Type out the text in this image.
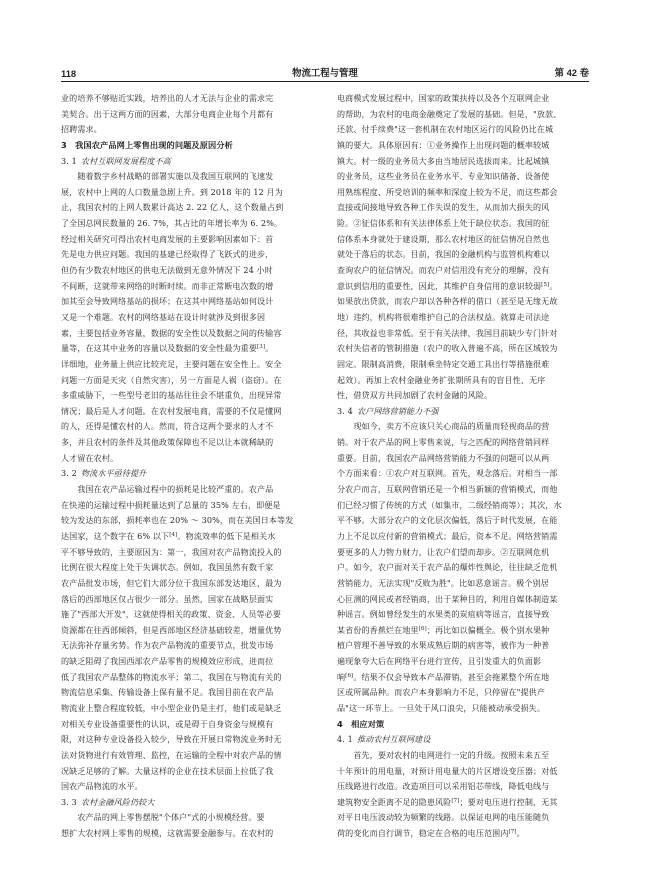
118	物流工程与管理	第 42 卷
业的培养不够贴近实践，培养出的人才无法与企业的需求完
美契合。出于这两方面的因素，大部分电商企业每个月都有
招聘需求。
3　我国农产品网上零售出现的问题及原因分析
3. 1  农村互联网发展程度不高
　　随着数字乡村战略的部署实施以及我国互联网的飞速发
展，农村中上网的人口数量急剧上升。到 2018 年的 12 月为
止，我国农村的上网人数累计高达 2. 22 亿人，这个数量占到
了全国总网民数量的 26. 7%，其占比的年增长率为 6. 2%。
经过相关研究可得出农村电商发展的主要影响因素如下：首
先是电力供应问题。我国的基建已经取得了飞跃式的进步，
但仍有少数农村地区的供电无法做到无意外情况下 24 小时
不间断，这就带来网络的时断时续。而非正常断电次数的增
加其至会导致网络基站的损坏；在这其中网络基站如何设计
又是一个难题。农村的网络基站在设计时就涉及到很多因
素，主要包括业务容量，数据的安全性以及数据之间的传输容
量等，在这其中业务的容量以及数据的安全性最为重要[3]。
详细地，业务量上供应比较充足，主要问题在安全性上。安全
问题一方面是天灾（自然灾害），另一方面是人祸（盗窃）。在
多重威胁下，一些型号老旧的基站往往会不堪重负，出现异常
情况；最后是人才问题。在农村发展电商，需要的不仅是懂网
的人，还得是懂农村的人。然而，符合这两个要求的人才不
多，并且农村的条件及其他政策保障也不足以让本就稀缺的
人才留在农村。
3. 2  物流水平亟待提升
　　我国在农产品运输过程中的损耗是比较严重的。农产品
在快递的运输过程中损耗量达到了总量的 35% 左右，即便是
较为发达的东部，损耗率也在 20% ～ 30%，而在美国日本等发
达国家，这个数字在 6% 以下[4]。物流效率的低下是相关水
平不够导致的，主要原因为：第一，我国对农产品物流投入的
比例在很大程度上处于失调状态。例如，我国虽然有数千家
农产品批发市场，但它们大部分位于我国东部发达地区，最为
落后的西部地区仅占很少一部分。虽然，国家在战略层面实
施了"西部大开发"，这就使得相关的政策、资金、人员等必要
资源都在往西部倾斜，但是西部地区经济基础较差，增量优势
无法弥补存量劣势。作为农产品物流的重要节点，批发市场
的缺乏阻碍了我国西部农产品零售的规模效应形成，进而拉
低了我国农产品整体的物流水平；第二，我国在与物流有关的
物流信息采集、传输设备上保有量不足。我国目前在农产品
物流业上整合程度较低，中小型企业仍是主打，他们或是缺乏
对相关专业设备重要性的认识，或是碍于自身资金与规模有
限，对这种专业设备投入较少，导致在开展日常物流业务时无
法对货物进行有效管理、监控，在运输的全程中对农产品的情
况缺乏足够的了解。大量这样的企业在技术层面上拉低了我
国农产品物流的水平。
3. 3  农村金融风险仍较大
　　农产品的网上零售摆脱"个体户"式的小规模经营。要
想扩大农村网上零售的规模，这就需要金融参与。在农村的
电商模式发展过程中，国家的政策扶持以及各个互联网企业
的帮助，为农村的电商金融奠定了发展的基础。但是，"放款、
还款、付手续费"这一套机制在农村地区运行的风险仍比在城
镇的要大。具体原因有：①业务操作上出现问题的概率较城
镇大。村一级的业务员大多由当地居民选拔而来。比起城镇
的业务员，这些业务员在业务水平、专业知识储备、设备使
用熟练程度、所受培训的频率和深度上较为不足，而这些都会
直接或间接地导致各种工作失误的发生，从而加大损失的风
险。②征信体系和有关法律体系上处于缺位状态。我国的征
信体系本身就处于建设期，那么农村地区的征信情况自然也
就处于落后的状态。目前，我国的金融机构与监管机构难以
查询农户的征信情况。而农户对信用没有充分的理解，没有
意识到信用的重要性，因此，其维护自身信用的意识较弱[5]。
如果放出贷款，而农户却以各种各样的借口（甚至是无缘无故
地）违约，机构将很难维护自己的合法权益。就算走司法途
径，其收益也非常低。至于有关法律，我国目前缺少专门针对
农村失信者的管制措施（农户的收入普遍不高，所在区域较为
固定。限制高消费，限制乘坐特定交通工具出行等措施很难
起效）。再加上农村金融业务扩张期所具有的盲目性、无序
性，借贷双方共同加剧了农村金融的风险。
3. 4  农户网络营销能力不强
　　现如今，卖方不应该只关心商品的质量而轻视商品的营
销。对于农产品的网上零售来说，与之匹配的网络营销同样
重要。目前，我国农产品网络营销能力不强的问题可以从两
个方面来看：①农户对互联网。首先，观念落后。对相当一部
分农户而言，互联网营销还是一个相当新颖的营销模式，而他
们已经习惯了传统的方式（如集市，二级经销商等）；其次，水
平不够。大部分农户的文化层次偏低，落后于时代发展，在能
力上不足以应付新的营销模式；最后，资本不足。网络营销需
要更多的人力物力财力，让农户们望而却步。②互联网危机
户。如今，农户面对关于农产品的爆炸性舆论，往往缺乏危机
营销能力，无法实现"反败为胜"。比如恶意谣言。极个别居
心叵测的网民或者经销商，出于某种目的，利用自媒体制造某
种谣言。例如曾经发生的水果类的炭疽病等谣言，直接导致
某省份的香蕉烂在地里[6]；再比如以偏概全。极个别水果种
植户管理不善导致的水果成熟后期的病害等，被作为一种普
遍现象夸大后在网络平台进行宣传，且引发重大的负面影
响[6]。结果不仅会导致本产品滞销，甚至会拖累整个所在地
区或所属品种。而农户本身影响力不足，只停留在"提供产
品"这一环节上。一旦处于风口浪尖，只能被动承受损失。
4　相应对策
4. 1  推动农村互联网建设
　　首先，要对农村的电网进行一定的升级。按照未来五至
十年预计的用电量，对预计用电量大的片区增设变压器；对低
压线路进行改造。改造项目可以采用铝芯带线，降低电线与
建筑物安全距离不足的隐患风险[7]；要对电压进行控制，无其
对平日电压波动较为频繁的线路。以保证电网的电压能随负
荷的变化而自行调节，稳定在合格的电压范围内[7]。
